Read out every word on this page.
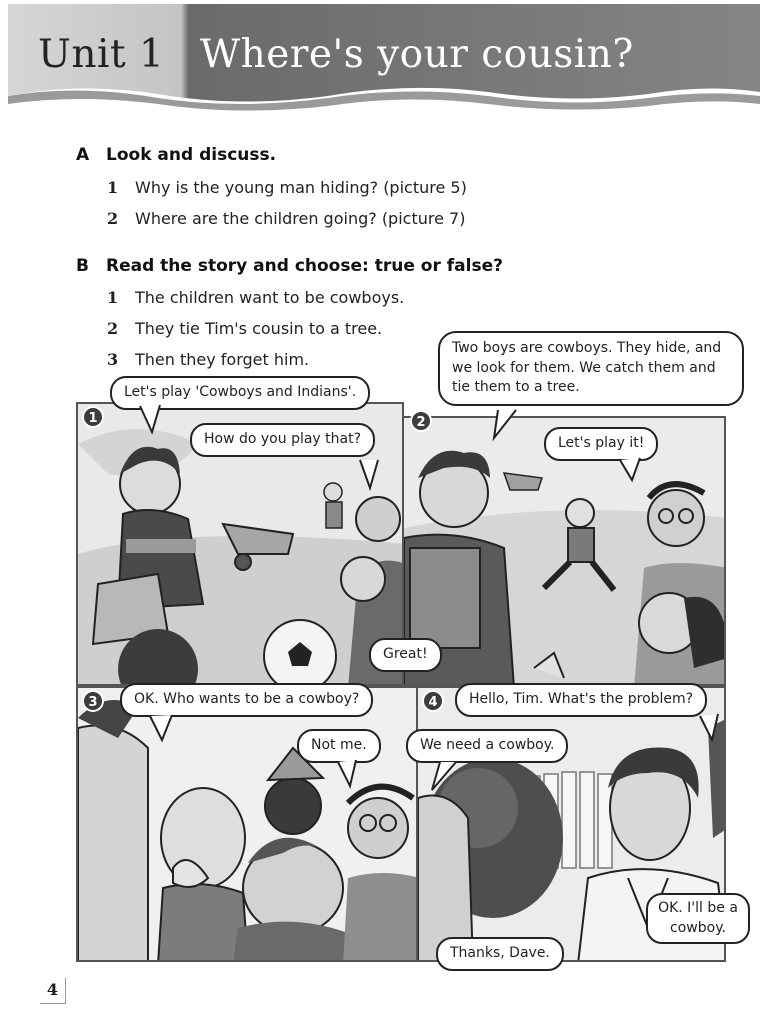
Unit 1 Where's your cousin?
A Look and discuss.
1 Why is the young man hiding? (picture 5)
2 Where are the children going? (picture 7)
B Read the story and choose: true or false?
1 The children want to be cowboys.
2 They tie Tim's cousin to a tree.
3 Then they forget him.
1	2
3	4
Let's play 'Cowboys and Indians'.
How do you play that?
Two boys are cowboys. They hide, and we look for them. We catch them and tie them to a tree.
Let's play it!
Great!
OK. Who wants to be a cowboy?
Not me.
Hello, Tim. What's the problem?
We need a cowboy.
OK. I'll be a cowboy.
Thanks, Dave.
4
